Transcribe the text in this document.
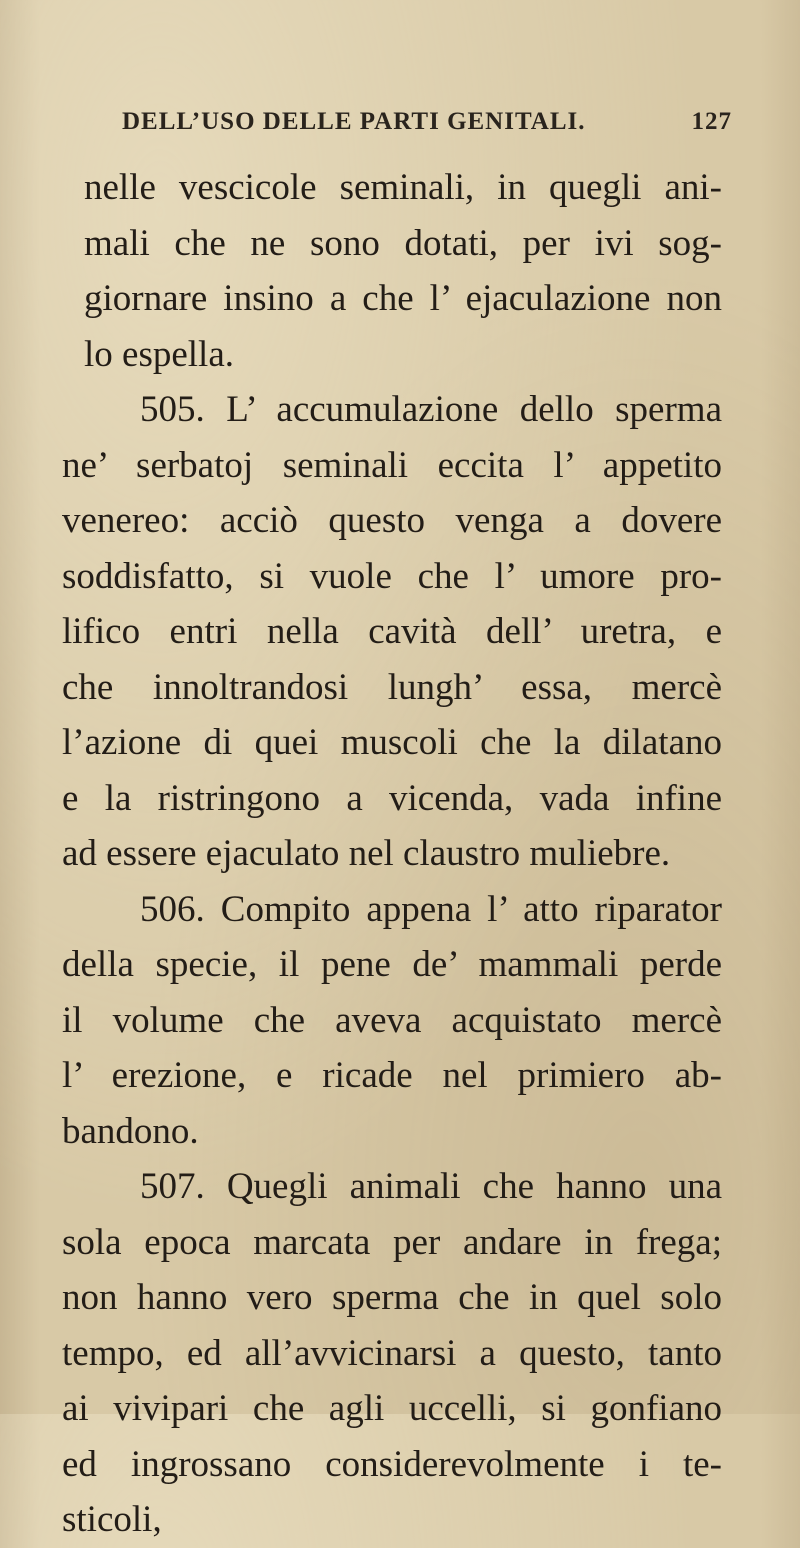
DELL’USO DELLE PARTI GENITALI.	127
nelle vescicole seminali, in quegli ani-
mali che ne sono dotati, per ivi sog-
giornare insino a che l’ ejaculazione non
lo espella.
505. L’ accumulazione dello sperma
ne’ serbatoj seminali eccita l’ appetito
venereo: acciò questo venga a dovere
soddisfatto, si vuole che l’ umore pro-
lifico entri nella cavità dell’ uretra, e
che innoltrandosi lungh’ essa, mercè
l’azione di quei muscoli che la dilatano
e la ristringono a vicenda, vada infine
ad essere ejaculato nel claustro muliebre.
506. Compito appena l’ atto riparator
della specie, il pene de’ mammali perde
il volume che aveva acquistato mercè
l’ erezione, e ricade nel primiero ab-
bandono.
507. Quegli animali che hanno una
sola epoca marcata per andare in frega;
non hanno vero sperma che in quel solo
tempo, ed all’avvicinarsi a questo, tanto
ai vivipari che agli uccelli, si gonfiano
ed ingrossano considerevolmente i te-
sticoli,
